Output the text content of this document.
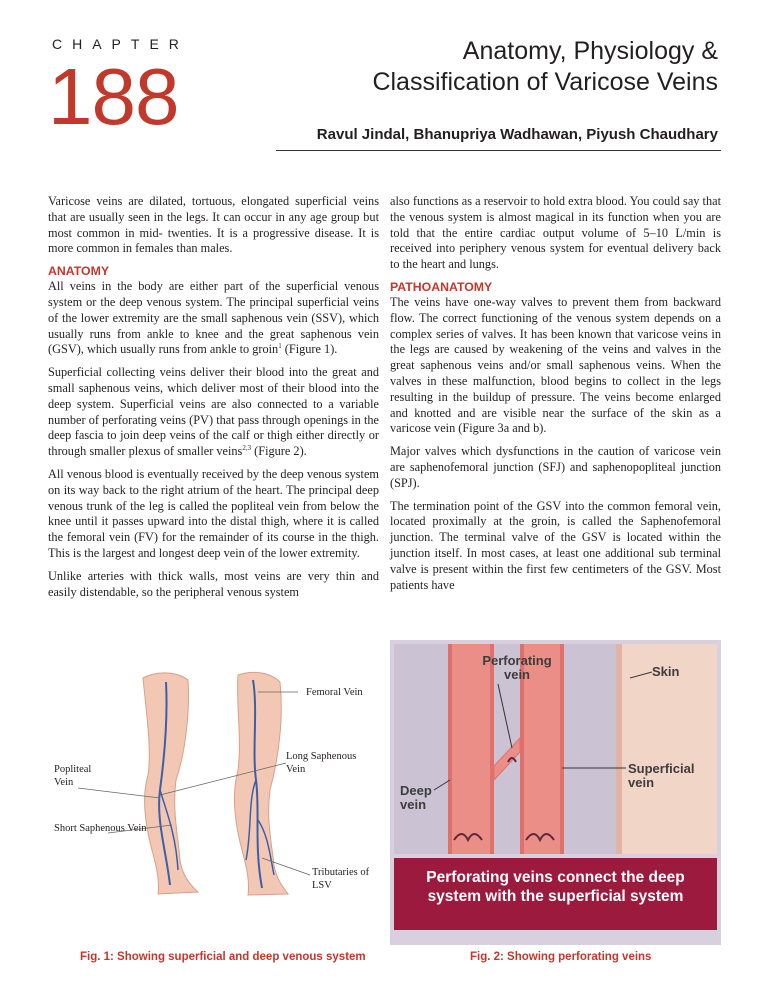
CHAPTER
188
Anatomy, Physiology &
Classification of Varicose Veins
Ravul Jindal, Bhanupriya Wadhawan, Piyush Chaudhary

Varicose veins are dilated, tortuous, elongated superficial veins that are usually seen in the legs. It can occur in any age group but most common in mid- twenties. It is a progressive disease. It is more common in females than males.

ANATOMY

All veins in the body are either part of the superficial venous system or the deep venous system. The principal superficial veins of the lower extremity are the small saphenous vein (SSV), which usually runs from ankle to knee and the great saphenous vein (GSV), which usually runs from ankle to groin$^1$ (Figure 1).

Superficial collecting veins deliver their blood into the great and small saphenous veins, which deliver most of their blood into the deep system. Superficial veins are also connected to a variable number of perforating veins (PV) that pass through openings in the deep fascia to join deep veins of the calf or thigh either directly or through smaller plexus of smaller veins$^{2,3}$ (Figure 2).

All venous blood is eventually received by the deep venous system on its way back to the right atrium of the heart. The principal deep venous trunk of the leg is called the popliteal vein from below the knee until it passes upward into the distal thigh, where it is called the femoral vein (FV) for the remainder of its course in the thigh. This is the largest and longest deep vein of the lower extremity.

Unlike arteries with thick walls, most veins are very thin and easily distendable, so the peripheral venous system

also functions as a reservoir to hold extra blood. You could say that the venous system is almost magical in its function when you are told that the entire cardiac output volume of 5–10 L/min is received into periphery venous system for eventual delivery back to the heart and lungs.

PATHOANATOMY

The veins have one-way valves to prevent them from backward flow. The correct functioning of the venous system depends on a complex series of valves. It has been known that varicose veins in the legs are caused by weakening of the veins and valves in the great saphenous veins and/or small saphenous veins. When the valves in these malfunction, blood begins to collect in the legs resulting in the buildup of pressure. The veins become enlarged and knotted and are visible near the surface of the skin as a varicose vein (Figure 3a and b).

Major valves which dysfunctions in the caution of varicose vein are saphenofemoral junction (SFJ) and saphenopopliteal junction (SPJ).

The termination point of the GSV into the common femoral vein, located proximally at the groin, is called the Saphenofemoral junction. The terminal valve of the GSV is located within the junction itself. In most cases, at least one additional sub terminal valve is present within the first few centimeters of the GSV. Most patients have

Femoral Vein
Long Saphenous Vein
Popliteal Vein
Short Saphenous Vein
Tributaries of LSV
Fig. 1: Showing superficial and deep venous system
Perforating vein	Skin
Superficial vein
Deep vein
Perforating veins connect the deep
system with the superficial system
Fig. 2: Showing perforating veins
